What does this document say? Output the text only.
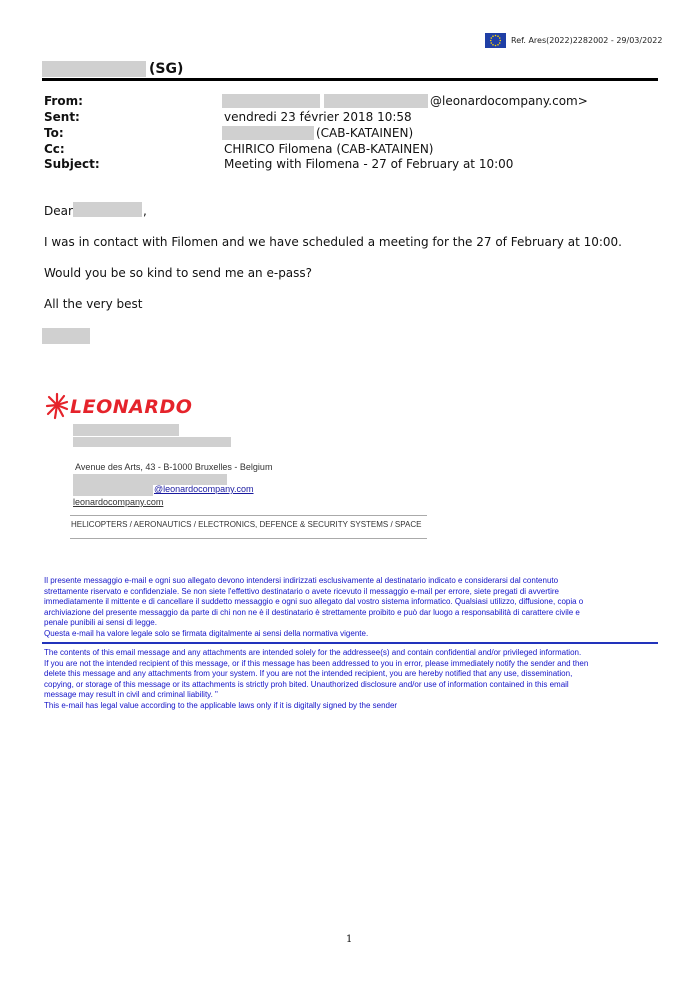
Ref. Ares(2022)2282002 - 29/03/2022
(SG)
From:	@leonardocompany.com>
Sent:	vendredi 23 février 2018 10:58
To:	(CAB-KATAINEN)
Cc:	CHIRICO Filomena (CAB-KATAINEN)
Subject:	Meeting with Filomena - 27 of February at 10:00
Dear	,
I was in contact with Filomen and we have scheduled a meeting for the 27 of February at 10:00.
Would you be so kind to send me an e-pass?
All the very best
LEONARDO
Avenue des Arts, 43 - B-1000 Bruxelles - Belgium
@leonardocompany.com
leonardocompany.com
HELICOPTERS / AERONAUTICS / ELECTRONICS, DEFENCE & SECURITY SYSTEMS / SPACE
Il presente messaggio e-mail e ogni suo allegato devono intendersi indirizzati esclusivamente al destinatario indicato e considerarsi dal contenuto
strettamente riservato e confidenziale. Se non siete l'effettivo destinatario o avete ricevuto il messaggio e-mail per errore, siete pregati di avvertire
immediatamente il mittente e di cancellare il suddetto messaggio e ogni suo allegato dal vostro sistema informatico. Qualsiasi utilizzo, diffusione, copia o
archiviazione del presente messaggio da parte di chi non ne è il destinatario è strettamente proibito e può dar luogo a responsabilità di carattere civile e
penale punibili ai sensi di legge.
Questa e-mail ha valore legale solo se firmata digitalmente ai sensi della normativa vigente.
The contents of this email message and any attachments are intended solely for the addressee(s) and contain confidential and/or privileged information.
If you are not the intended recipient of this message, or if this message has been addressed to you in error, please immediately notify the sender and then
delete this message and any attachments from your system. If you are not the intended recipient, you are hereby notified that any use, dissemination,
copying, or storage of this message or its attachments is strictly proh bited. Unauthorized disclosure and/or use of information contained in this email
message may result in civil and criminal liability. "
This e-mail has legal value according to the applicable laws only if it is digitally signed by the sender
1
